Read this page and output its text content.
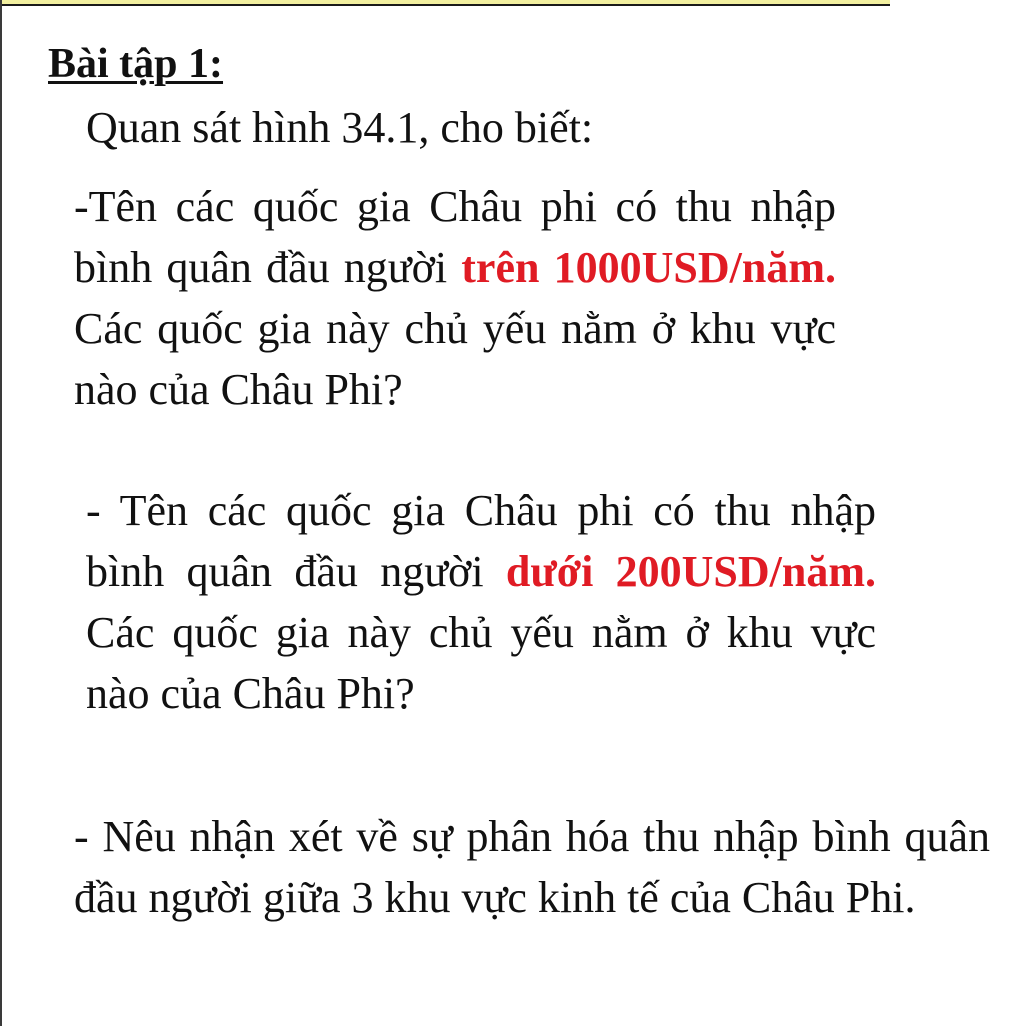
Bài tập 1:
Quan sát hình 34.1, cho biết:
-Tên các quốc gia Châu phi có thu nhập bình quân đầu người trên 1000USD/năm. Các quốc gia này chủ yếu nằm ở khu vực nào của Châu Phi?
- Tên các quốc gia Châu phi có thu nhập bình quân đầu người dưới 200USD/năm. Các quốc gia này chủ yếu nằm ở khu vực nào của Châu Phi?
- Nêu nhận xét về sự phân hóa thu nhập bình quân đầu người giữa 3 khu vực kinh tế của Châu Phi.
